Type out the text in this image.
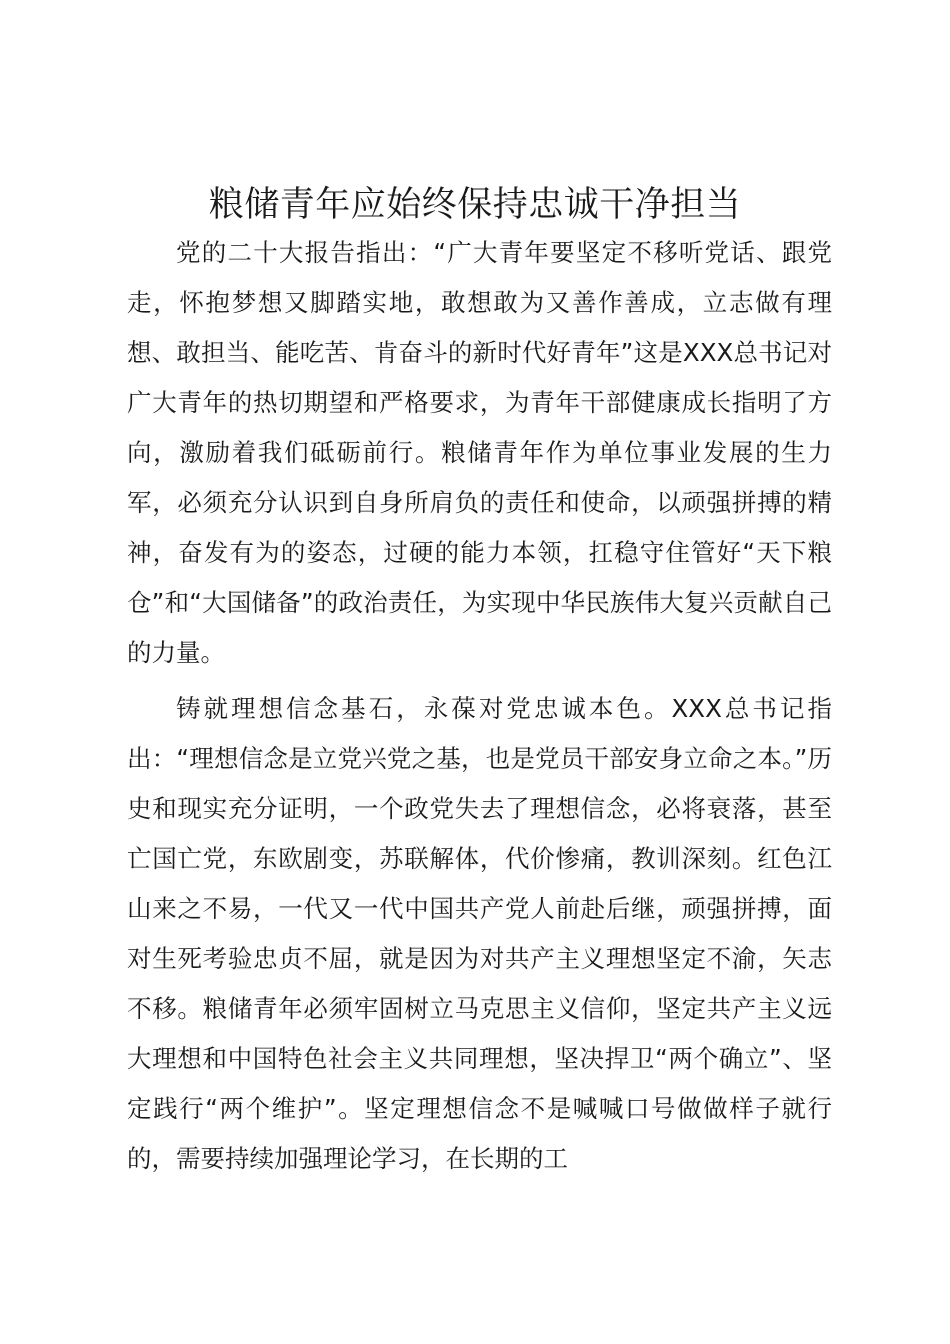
粮储青年应始终保持忠诚干净担当

党的二十大报告指出：“广大青年要坚定不移听党话、跟党走，怀抱梦想又脚踏实地，敢想敢为又善作善成，立志做有理想、敢担当、能吃苦、肯奋斗的新时代好青年”这是XXX总书记对广大青年的热切期望和严格要求，为青年干部健康成长指明了方向，激励着我们砥砺前行。粮储青年作为单位事业发展的生力军，必须充分认识到自身所肩负的责任和使命，以顽强拼搏的精神，奋发有为的姿态，过硬的能力本领，扛稳守住管好“天下粮仓”和“大国储备”的政治责任，为实现中华民族伟大复兴贡献自己的力量。

铸就理想信念基石，永葆对党忠诚本色。XXX总书记指出：“理想信念是立党兴党之基，也是党员干部安身立命之本。”历史和现实充分证明，一个政党失去了理想信念，必将衰落，甚至亡国亡党，东欧剧变，苏联解体，代价惨痛，教训深刻。红色江山来之不易，一代又一代中国共产党人前赴后继，顽强拼搏，面对生死考验忠贞不屈，就是因为对共产主义理想坚定不渝，矢志不移。粮储青年必须牢固树立马克思主义信仰，坚定共产主义远大理想和中国特色社会主义共同理想，坚决捍卫“两个确立”、坚定践行“两个维护”。坚定理想信念不是喊喊口号做做样子就行的，需要持续加强理论学习，在长期的工
